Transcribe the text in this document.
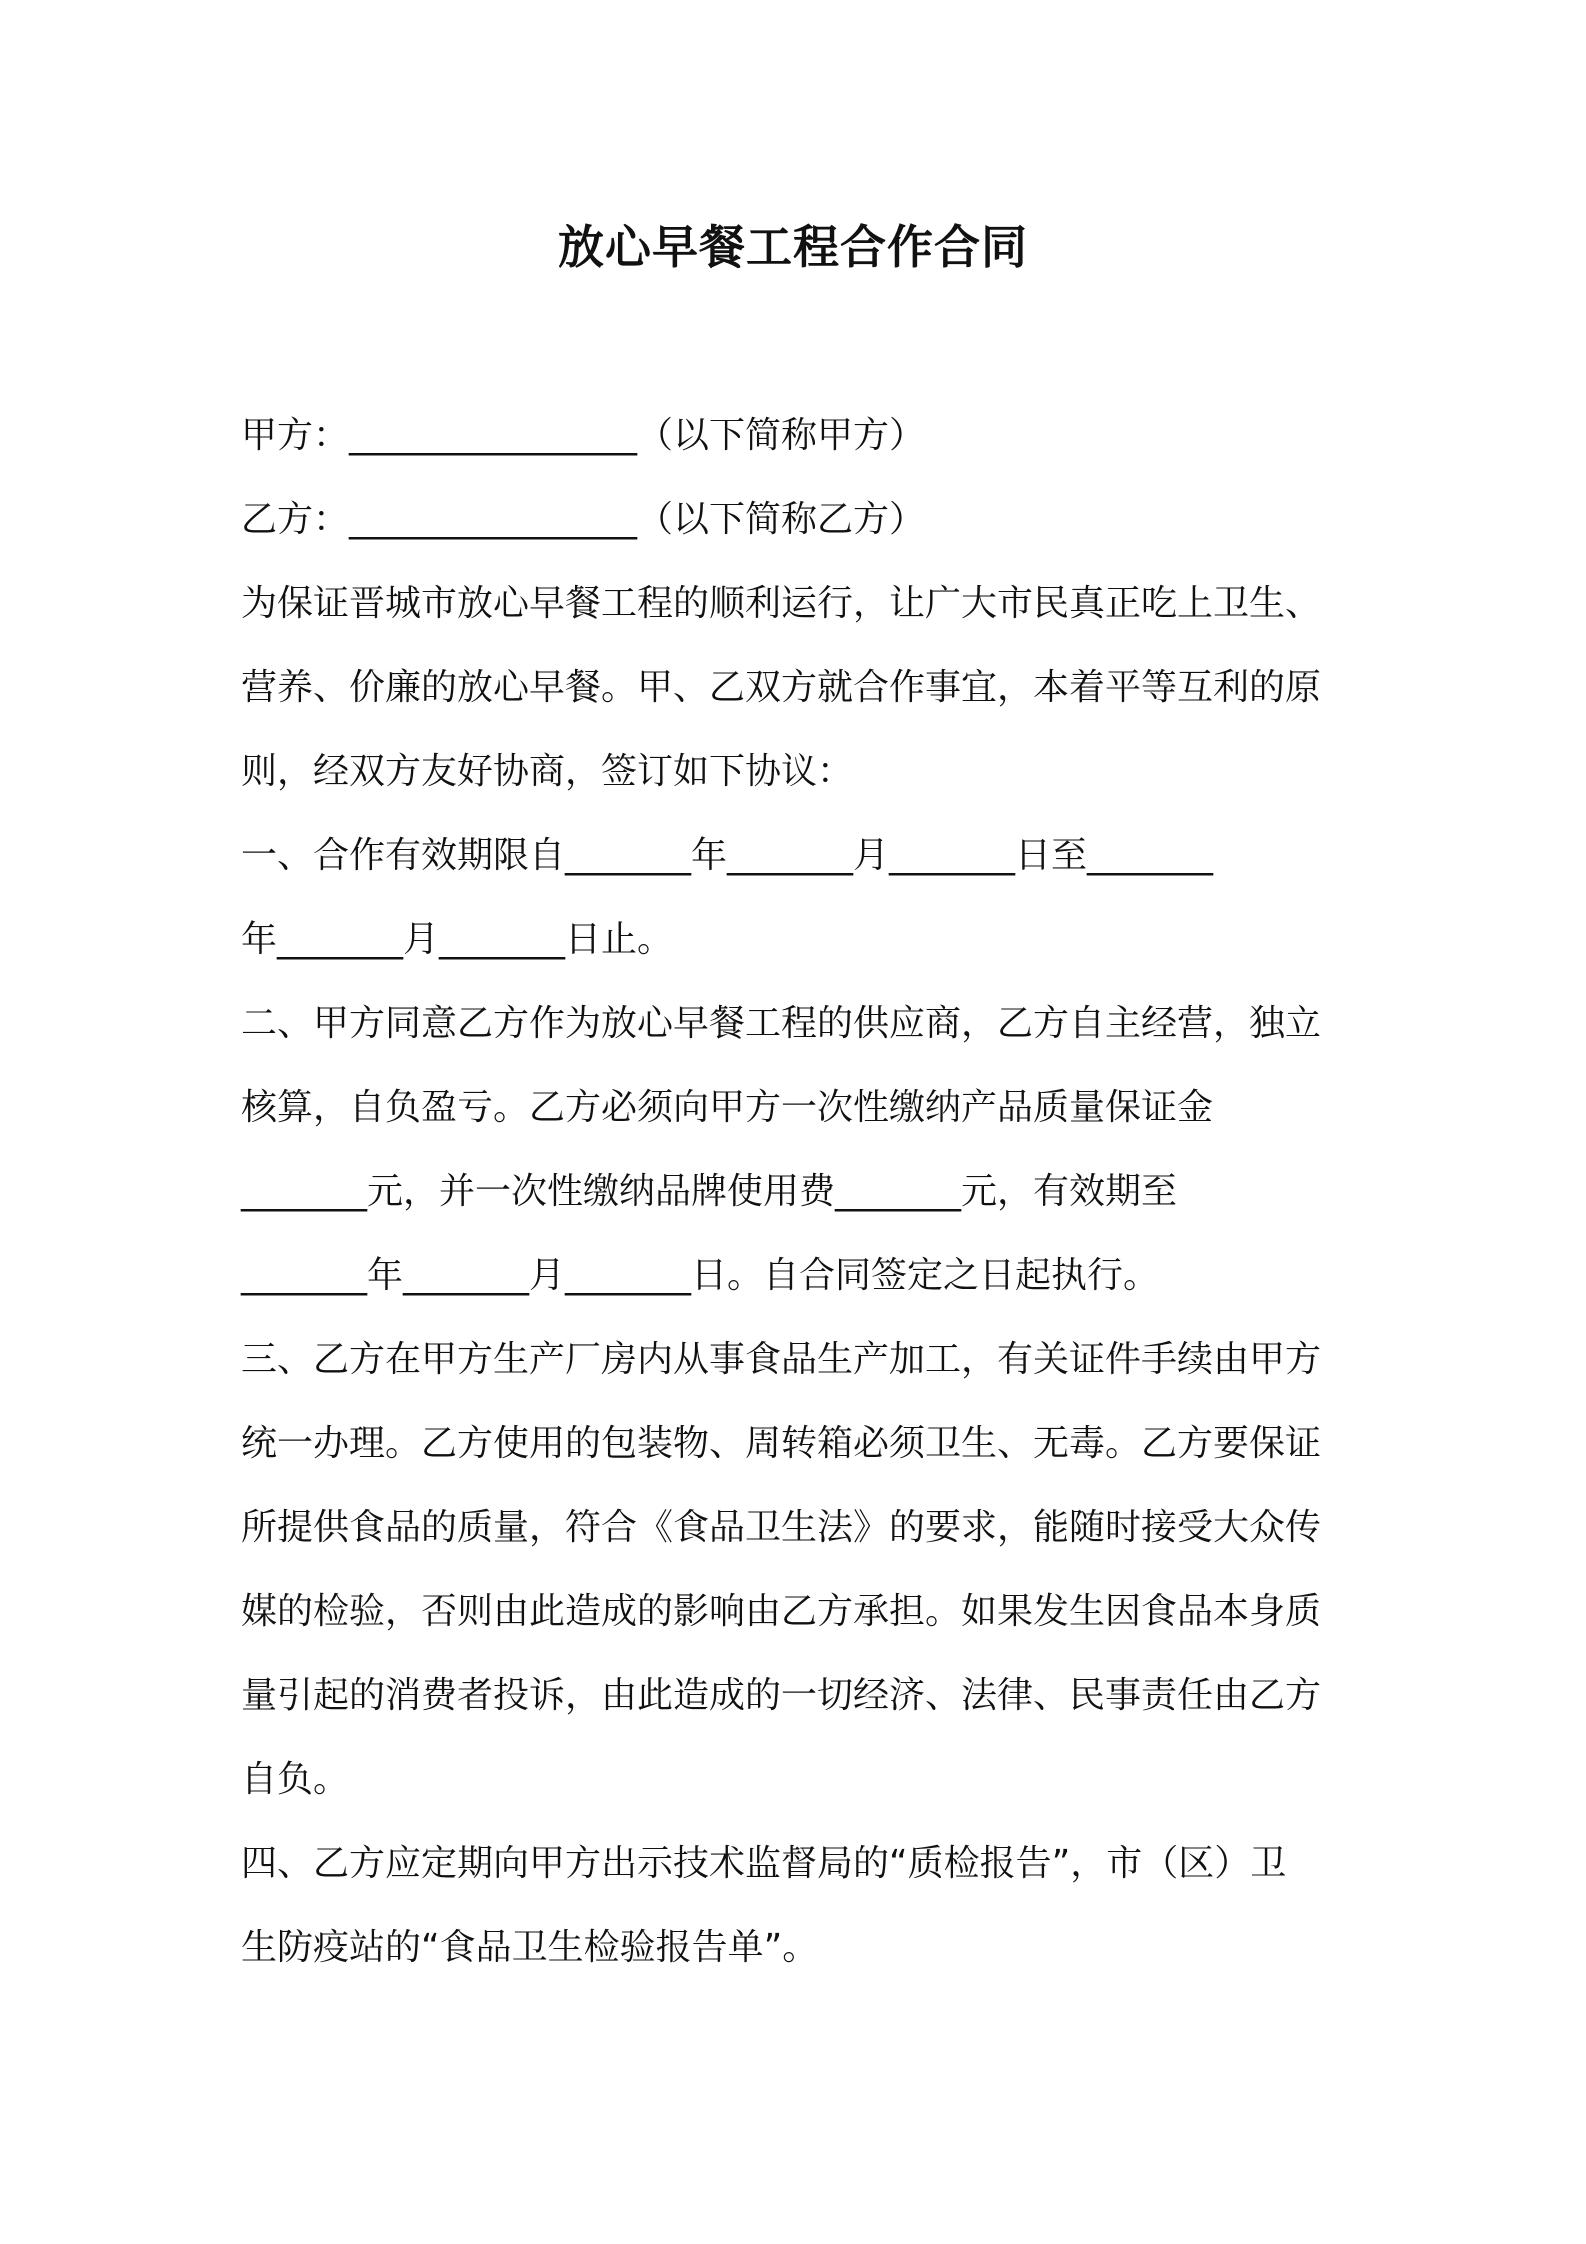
放心早餐工程合作合同
甲方：________________（以下简称甲方）
乙方：________________（以下简称乙方）
为保证晋城市放心早餐工程的顺利运行，让广大市民真正吃上卫生、
营养、价廉的放心早餐。甲、乙双方就合作事宜，本着平等互利的原
则，经双方友好协商，签订如下协议：
一、合作有效期限自_______年_______月_______日至_______
年_______月_______日止。
二、甲方同意乙方作为放心早餐工程的供应商，乙方自主经营，独立
核算，自负盈亏。乙方必须向甲方一次性缴纳产品质量保证金
_______元，并一次性缴纳品牌使用费_______元，有效期至
_______年_______月_______日。自合同签定之日起执行。
三、乙方在甲方生产厂房内从事食品生产加工，有关证件手续由甲方
统一办理。乙方使用的包装物、周转箱必须卫生、无毒。乙方要保证
所提供食品的质量，符合《食品卫生法》的要求，能随时接受大众传
媒的检验，否则由此造成的影响由乙方承担。如果发生因食品本身质
量引起的消费者投诉，由此造成的一切经济、法律、民事责任由乙方
自负。
四、乙方应定期向甲方出示技术监督局的“质检报告”，市（区）卫
生防疫站的“食品卫生检验报告单”。
